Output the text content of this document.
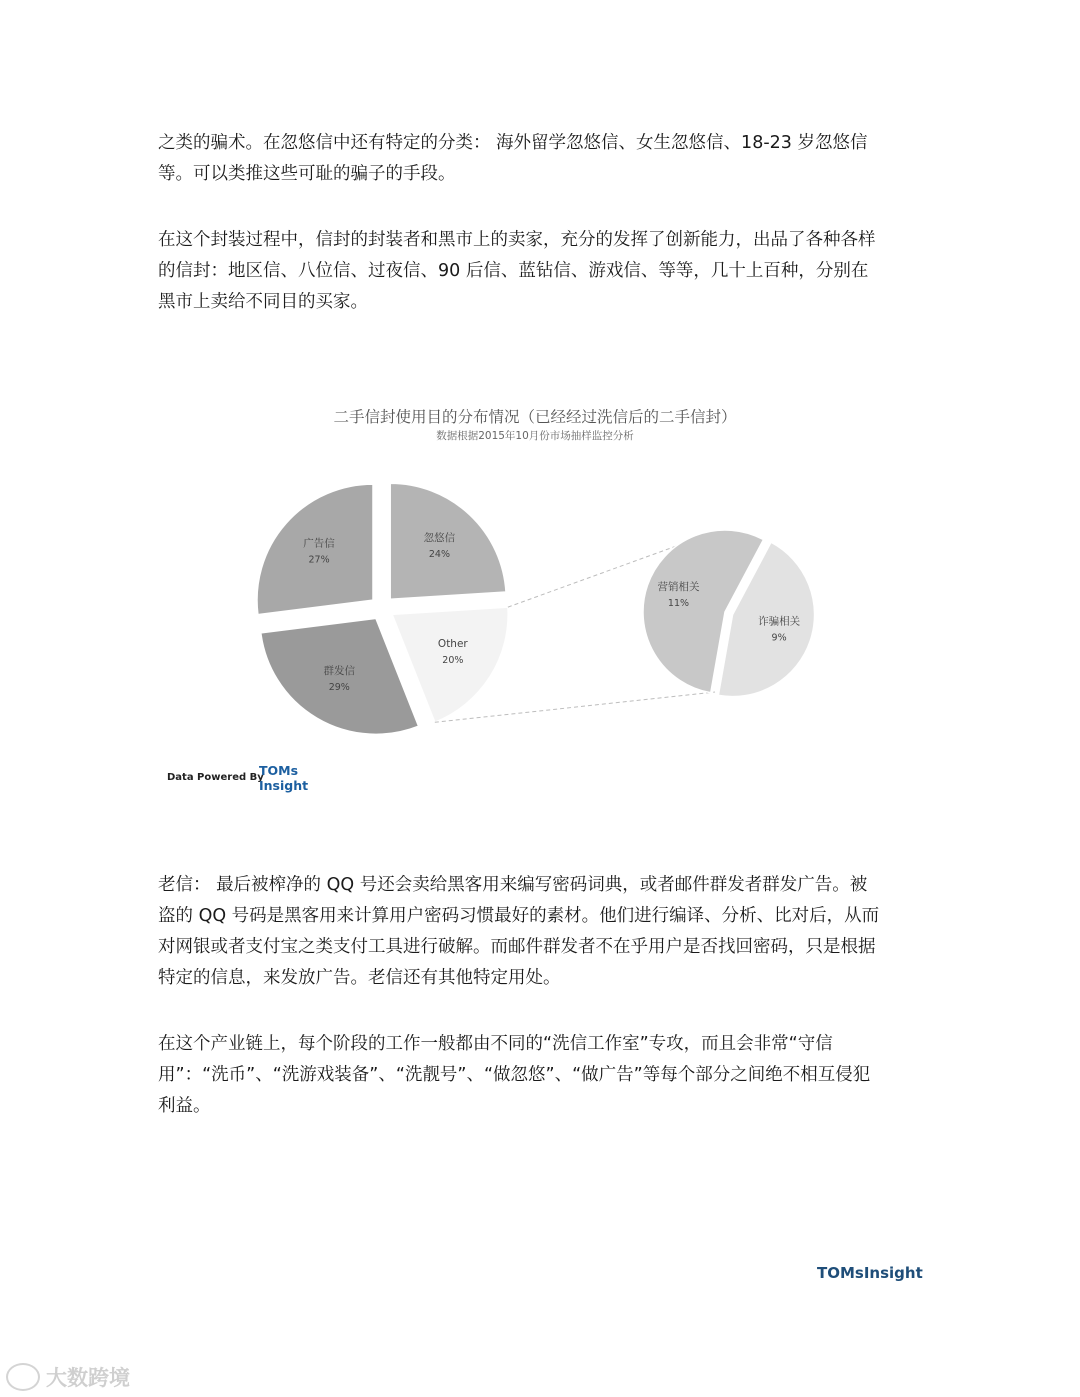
之类的骗术。在忽悠信中还有特定的分类： 海外留学忽悠信、女生忽悠信、18-23 岁忽悠信
等。可以类推这些可耻的骗子的手段。
在这个封装过程中，信封的封装者和黑市上的卖家，充分的发挥了创新能力，出品了各种各样
的信封：地区信、八位信、过夜信、90 后信、蓝钻信、游戏信、等等，几十上百种，分别在
黑市上卖给不同目的买家。
二手信封使用目的分布情况（已经经过洗信后的二手信封）
数据根据2015年10月份市场抽样监控分析
忽悠信
24%
Other
20%
群发信
29%
广告信
27%
诈骗相关
9%
营销相关
11%
Data Powered By
TOMs
Insight
老信： 最后被榨净的 QQ 号还会卖给黑客用来编写密码词典，或者邮件群发者群发广告。被
盗的 QQ 号码是黑客用来计算用户密码习惯最好的素材。他们进行编译、分析、比对后，从而
对网银或者支付宝之类支付工具进行破解。而邮件群发者不在乎用户是否找回密码，只是根据
特定的信息，来发放广告。老信还有其他特定用处。
在这个产业链上，每个阶段的工作一般都由不同的“洗信工作室”专攻，而且会非常“守信
用”：“洗币”、“洗游戏装备”、“洗靓号”、“做忽悠”、“做广告”等每个部分之间绝不相互侵犯
利益。
TOMsInsight
大数跨境
